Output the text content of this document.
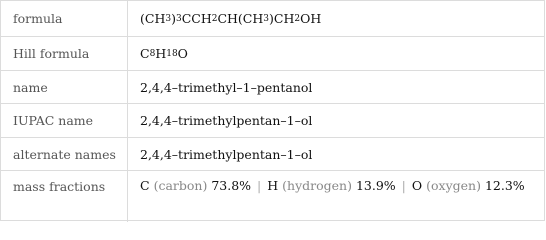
formula	(CH 3 ) 3 CCH 2 CH(CH 3 )CH 2 OH
Hill formula	C 8 H 18 O
name	2,4,4–trimethyl–1–pentanol
IUPAC name	2,4,4–trimethylpentan–1–ol
alternate names	2,4,4–trimethylpentan–1–ol
mass fractions	C (carbon) 73.8% | H (hydrogen) 13.9% | O (oxygen) 12.3%
